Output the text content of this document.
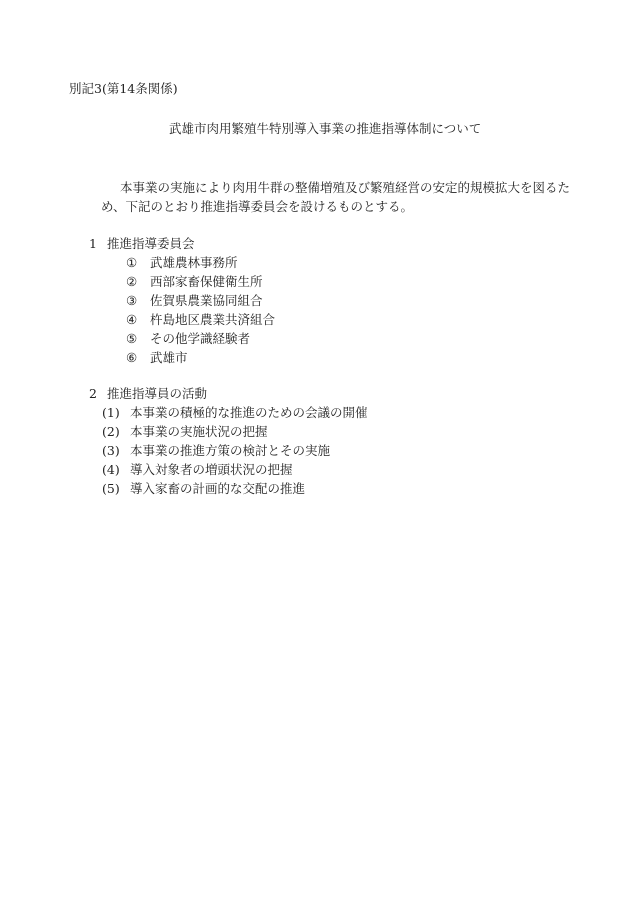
別記3(第14条関係)
武雄市肉用繁殖牛特別導入事業の推進指導体制について
本事業の実施により肉用牛群の整備増殖及び繁殖経営の安定的規模拡大を図るた
め、下記のとおり推進指導委員会を設けるものとする。
1 推進指導委員会
① 武雄農林事務所
② 西部家畜保健衛生所
③ 佐賀県農業協同組合
④ 杵島地区農業共済組合
⑤ その他学識経験者
⑥ 武雄市
2 推進指導員の活動
(1) 本事業の積極的な推進のための会議の開催
(2) 本事業の実施状況の把握
(3) 本事業の推進方策の検討とその実施
(4) 導入対象者の増頭状況の把握
(5) 導入家畜の計画的な交配の推進
